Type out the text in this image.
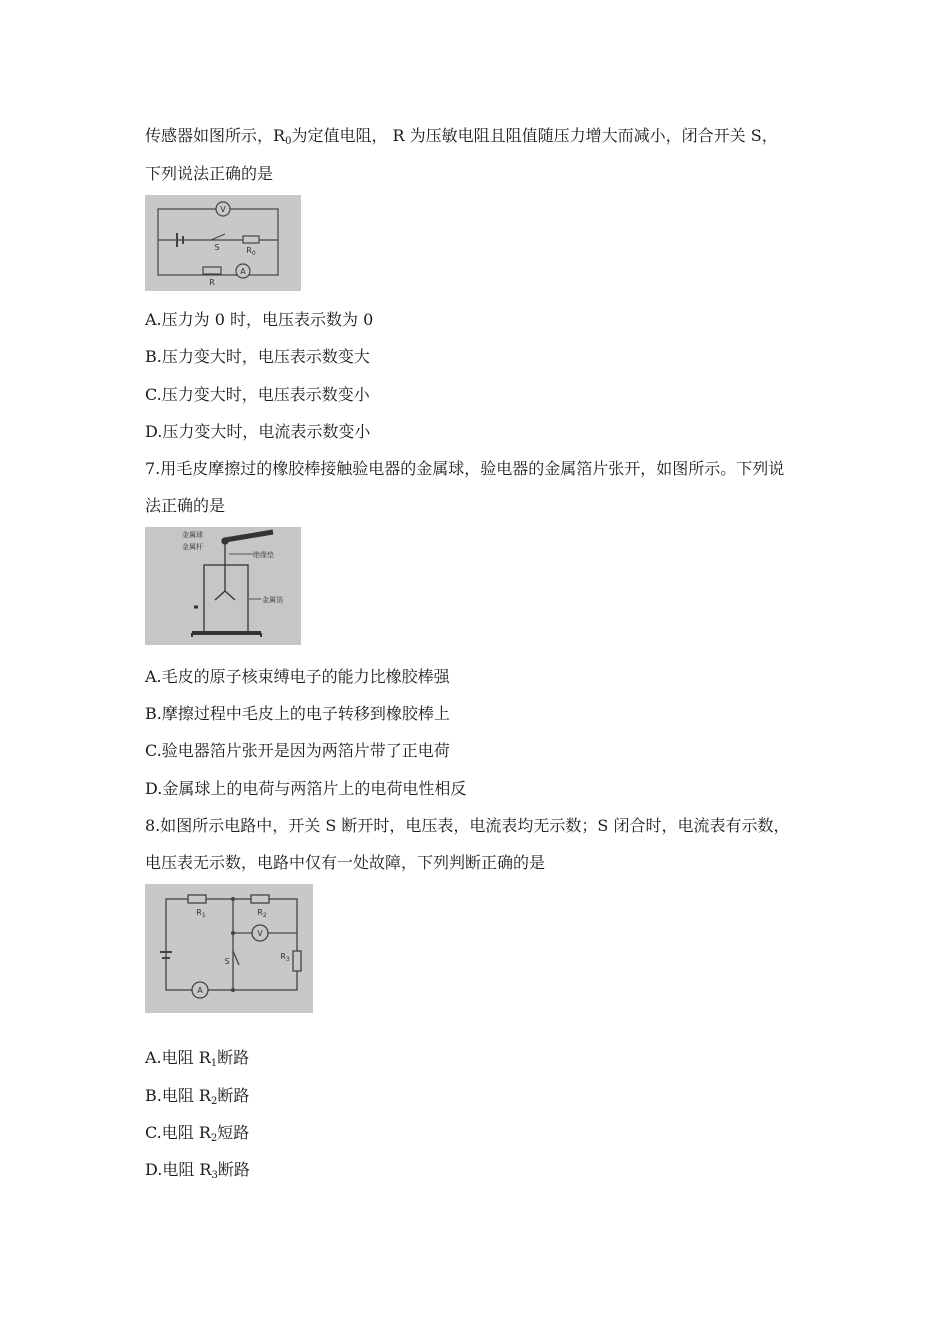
传感器如图所示，$R_0$为定值电阻， R 为压敏电阻且阻值随压力增大而减小，闭合开关 S，
下列说法正确的是
V
S	$R_0$
A
R
A.压力为 0 时，电压表示数为 0
B.压力变大时，电压表示数变大
C.压力变大时，电压表示数变小
D.压力变大时，电流表示数变小
7.用毛皮摩擦过的橡胶棒接触验电器的金属球，验电器的金属箔片张开，如图所示。下列说
法正确的是
金属球
金属杆
绝缘垫
金属箔
A.毛皮的原子核束缚电子的能力比橡胶棒强
B.摩擦过程中毛皮上的电子转移到橡胶棒上
C.验电器箔片张开是因为两箔片带了正电荷
D.金属球上的电荷与两箔片上的电荷电性相反
8.如图所示电路中，开关 S 断开时，电压表，电流表均无示数；S 闭合时，电流表有示数，
电压表无示数，电路中仅有一处故障，下列判断正确的是
$R_1$	$R_2$
V
S
$R_3$
A
A.电阻 $R_1$断路
B.电阻 $R_2$断路
C.电阻 $R_2$短路
D.电阻 $R_3$断路
